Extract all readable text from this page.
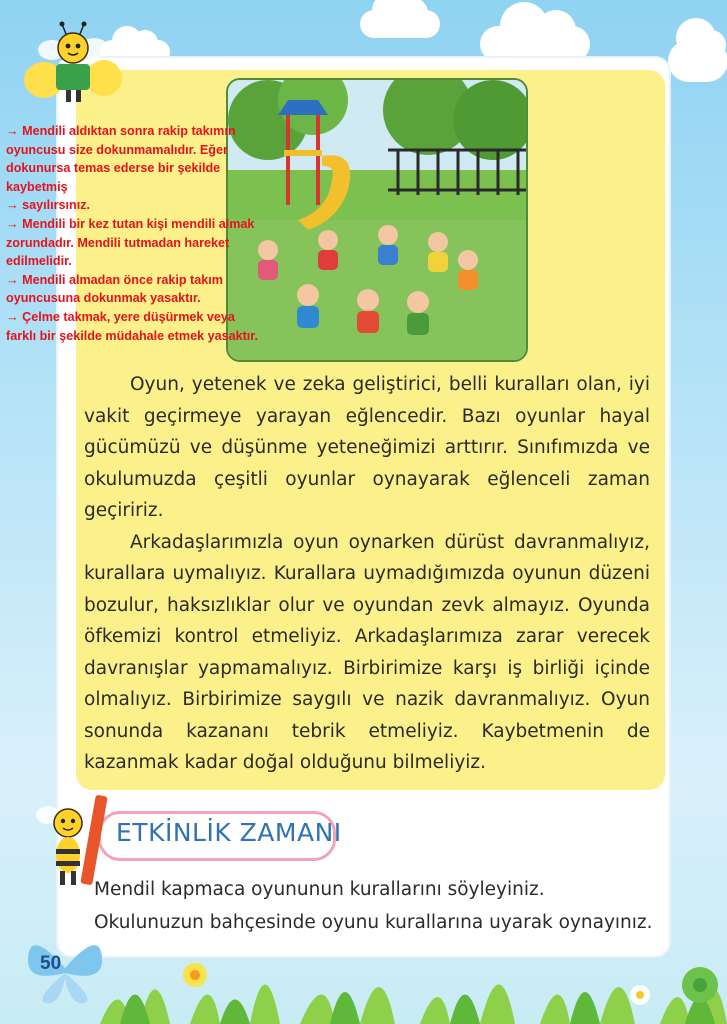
Oyun, yetenek ve zeka geliştirici, belli kuralları olan, iyi vakit geçirmeye yarayan eğlencedir. Bazı oyunlar hayal gücümüzü ve düşünme yeteneğimizi arttırır. Sınıfımızda ve okulumuzda çeşitli oyunlar oynayarak eğlenceli zaman geçiririz.

Arkadaşlarımızla oyun oynarken dürüst davranmalıyız, kurallara uymalıyız. Kurallara uymadığımızda oyunun düzeni bozulur, haksızlıklar olur ve oyundan zevk almayız. Oyunda öfkemizi kontrol etmeliyiz. Arkadaşlarımıza zarar verecek davranışlar yapmamalıyız. Birbirimize karşı iş birliği içinde olmalıyız. Birbirimize saygılı ve nazik davranmalıyız. Oyun sonunda kazananı tebrik etmeliyiz. Kaybetmenin de kazanmak kadar doğal olduğunu bilmeliyiz.

→ Mendili aldıktan sonra rakip takımın oyuncusu size dokunmamalıdır. Eğer dokunursa temas ederse bir şekilde kaybetmiş
→ sayılırsınız.
→ Mendili bir kez tutan kişi mendili almak zorundadır. Mendili tutmadan hareket edilmelidir.
→ Mendili almadan önce rakip takım oyuncusuna dokunmak yasaktır.
→ Çelme takmak, yere düşürmek veya farklı bir şekilde müdahale etmek yasaktır.
ETKİNLİK ZAMANI

Mendil kapmaca oyununun kurallarını söyleyiniz. Okulunuzun bahçesinde oyunu kurallarına uyarak oynayınız.

50
